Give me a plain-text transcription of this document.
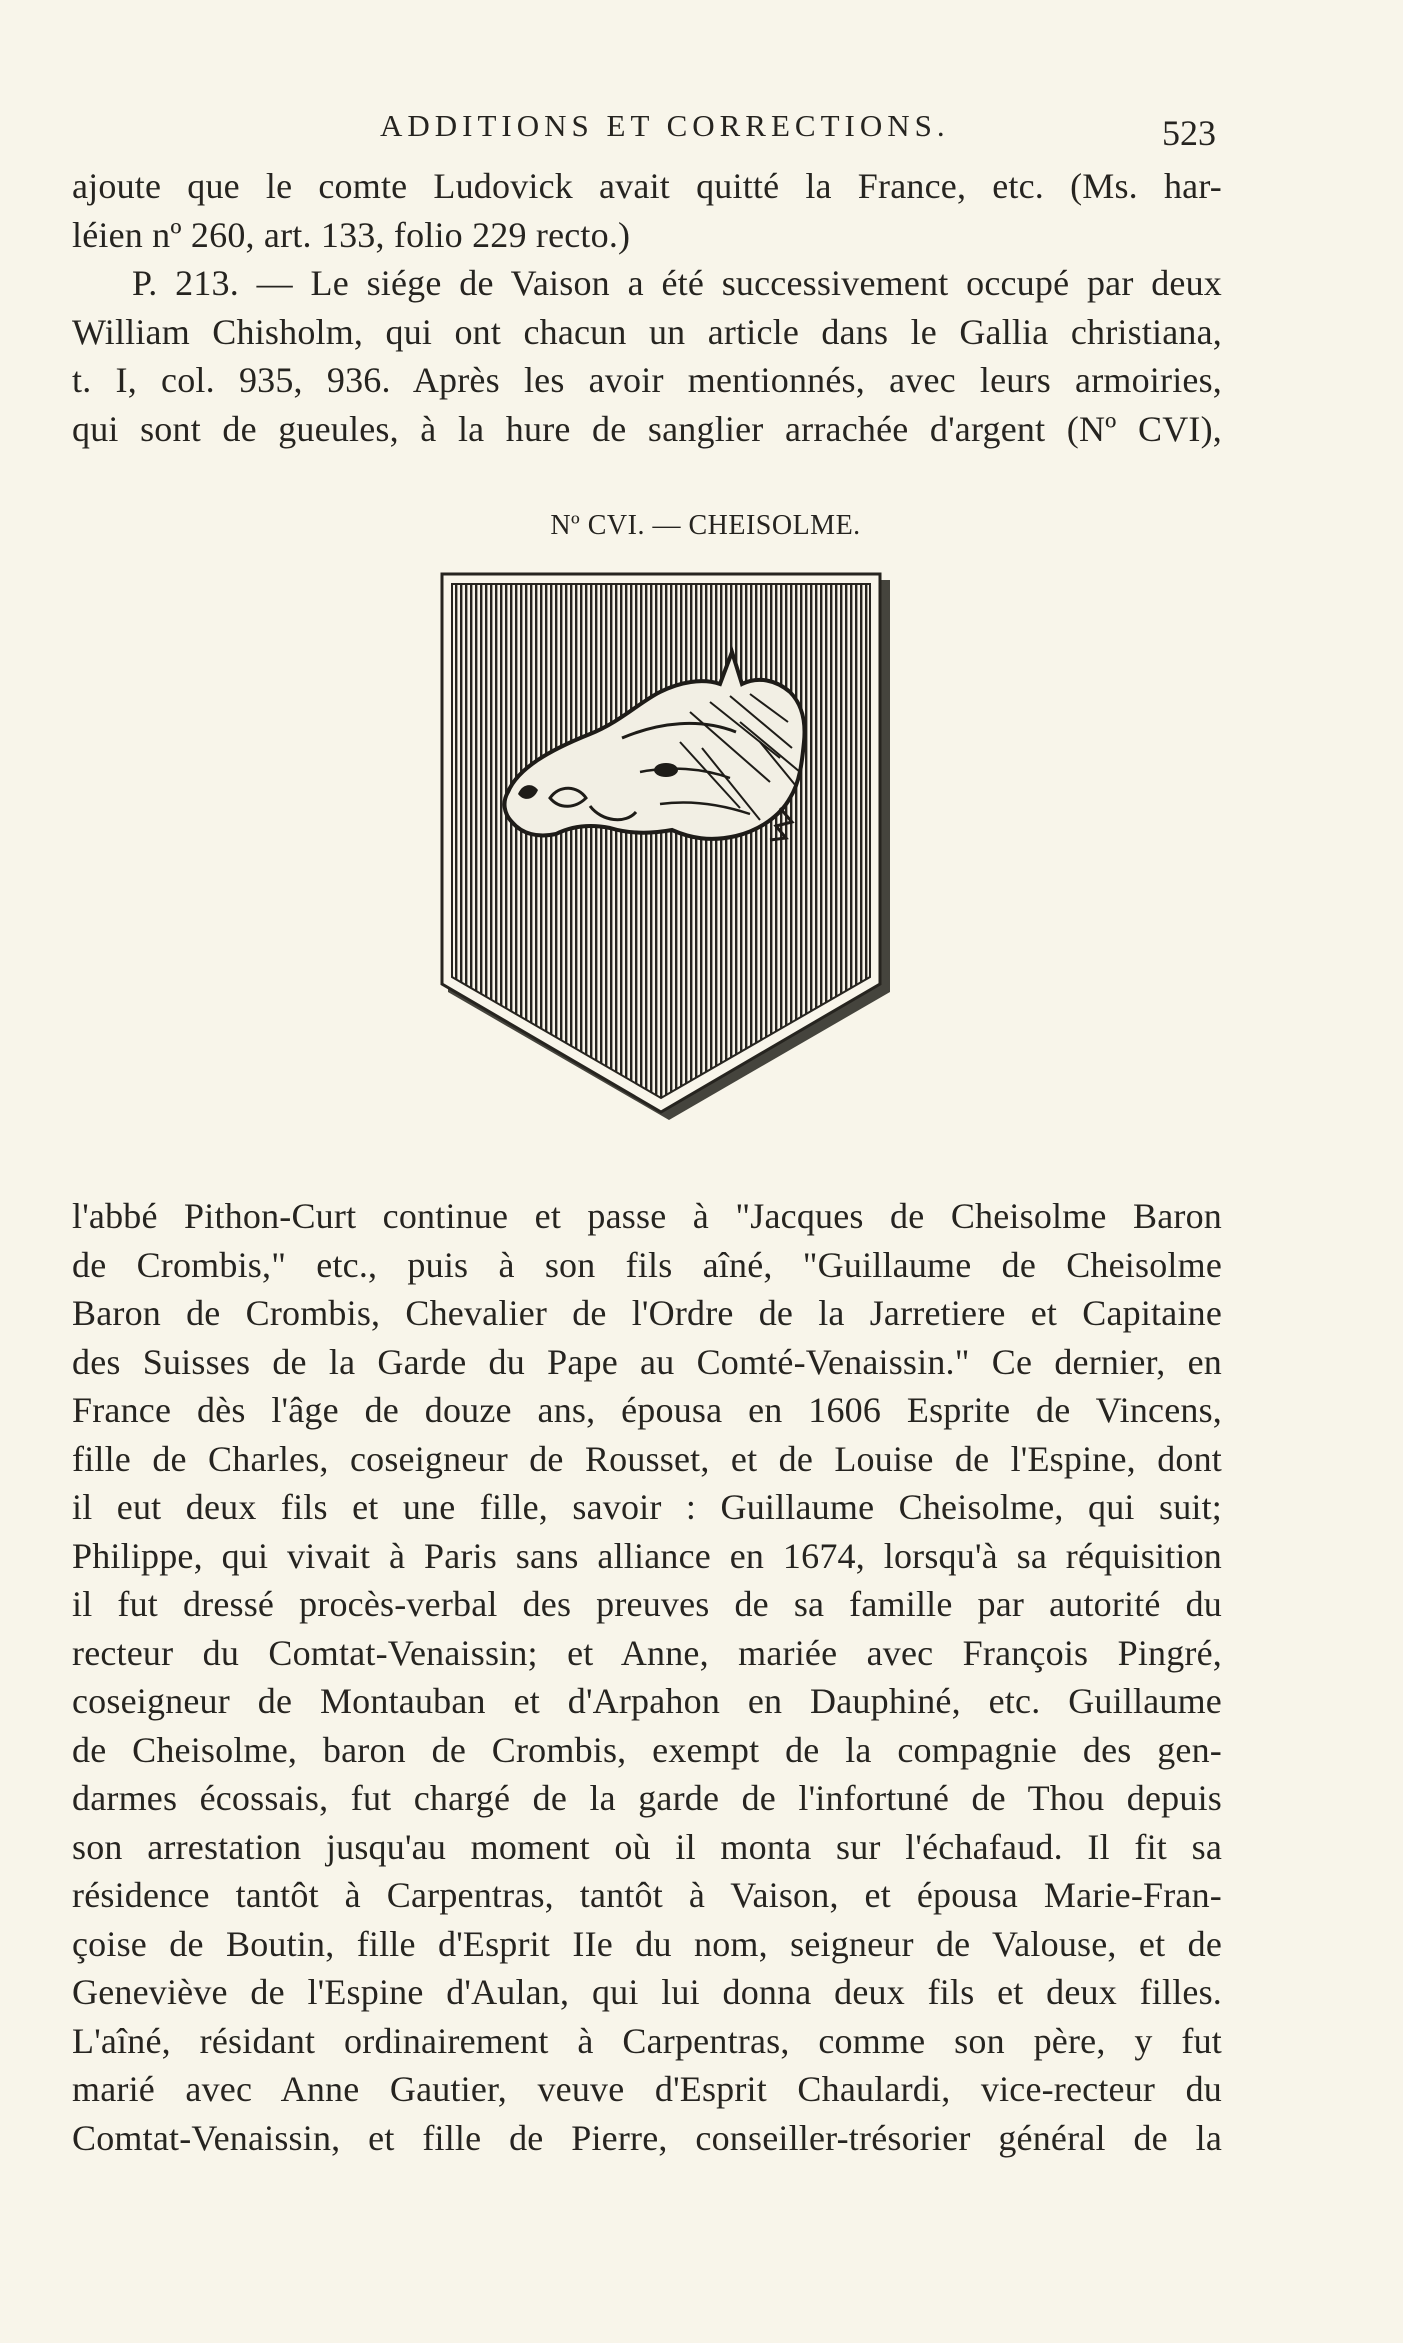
ADDITIONS ET CORRECTIONS.	523
ajoute que le comte Ludovick avait quitté la France, etc. (Ms. har-
léien nº 260, art. 133, folio 229 recto.)
P. 213. — Le siége de Vaison a été successivement occupé par deux
William Chisholm, qui ont chacun un article dans le Gallia christiana,
t. I, col. 935, 936. Après les avoir mentionnés, avec leurs armoiries,
qui sont de gueules, à la hure de sanglier arrachée d'argent (Nº CVI),
Nº CVI. — CHEISOLME.
l'abbé Pithon-Curt continue et passe à "Jacques de Cheisolme Baron
de Crombis," etc., puis à son fils aîné, "Guillaume de Cheisolme
Baron de Crombis, Chevalier de l'Ordre de la Jarretiere et Capitaine
des Suisses de la Garde du Pape au Comté-Venaissin." Ce dernier, en
France dès l'âge de douze ans, épousa en 1606 Esprite de Vincens,
fille de Charles, coseigneur de Rousset, et de Louise de l'Espine, dont
il eut deux fils et une fille, savoir : Guillaume Cheisolme, qui suit;
Philippe, qui vivait à Paris sans alliance en 1674, lorsqu'à sa réquisition
il fut dressé procès-verbal des preuves de sa famille par autorité du
recteur du Comtat-Venaissin; et Anne, mariée avec François Pingré,
coseigneur de Montauban et d'Arpahon en Dauphiné, etc. Guillaume
de Cheisolme, baron de Crombis, exempt de la compagnie des gen-
darmes écossais, fut chargé de la garde de l'infortuné de Thou depuis
son arrestation jusqu'au moment où il monta sur l'échafaud. Il fit sa
résidence tantôt à Carpentras, tantôt à Vaison, et épousa Marie-Fran-
çoise de Boutin, fille d'Esprit IIe du nom, seigneur de Valouse, et de
Geneviève de l'Espine d'Aulan, qui lui donna deux fils et deux filles.
L'aîné, résidant ordinairement à Carpentras, comme son père, y fut
marié avec Anne Gautier, veuve d'Esprit Chaulardi, vice-recteur du
Comtat-Venaissin, et fille de Pierre, conseiller-trésorier général de la
